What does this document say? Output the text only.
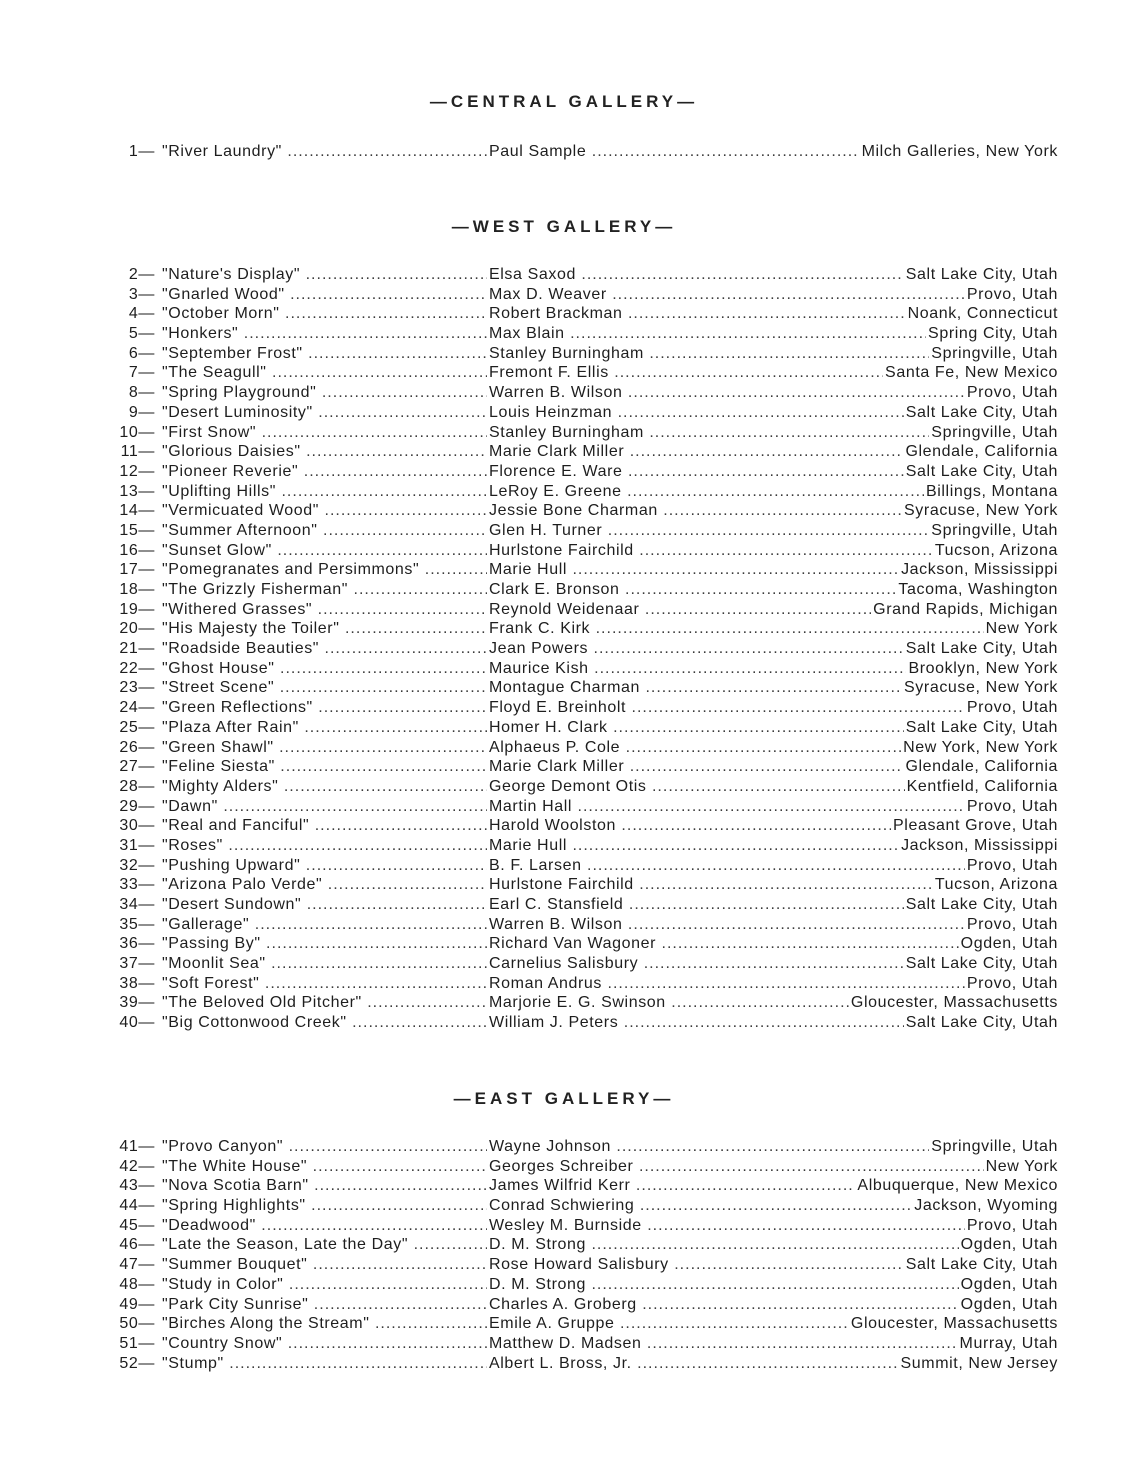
—CENTRAL GALLERY—
1— "River Laundry" .....	Paul Sample .....	Milch Galleries, New York
—WEST GALLERY—
2— "Nature's Display" .....	Elsa Saxod .....	Salt Lake City, Utah
3— "Gnarled Wood" .....	Max D. Weaver .....	Provo, Utah
4— "October Morn" .....	Robert Brackman .....	Noank, Connecticut
5— "Honkers" .....	Max Blain .....	Spring City, Utah
6— "September Frost" .....	Stanley Burningham .....	Springville, Utah
7— "The Seagull" .....	Fremont F. Ellis .....	Santa Fe, New Mexico
8— "Spring Playground" .....	Warren B. Wilson .....	Provo, Utah
9— "Desert Luminosity" .....	Louis Heinzman .....	Salt Lake City, Utah
10— "First Snow" .....	Stanley Burningham .....	Springville, Utah
11— "Glorious Daisies" .....	Marie Clark Miller .....	Glendale, California
12— "Pioneer Reverie" .....	Florence E. Ware .....	Salt Lake City, Utah
13— "Uplifting Hills" .....	LeRoy E. Greene .....	Billings, Montana
14— "Vermicuated Wood" .....	Jessie Bone Charman .....	Syracuse, New York
15— "Summer Afternoon" .....	Glen H. Turner .....	Springville, Utah
16— "Sunset Glow" .....	Hurlstone Fairchild .....	Tucson, Arizona
17— "Pomegranates and Persimmons" .....	Marie Hull .....	Jackson, Mississippi
18— "The Grizzly Fisherman" .....	Clark E. Bronson .....	Tacoma, Washington
19— "Withered Grasses" .....	Reynold Weidenaar .....	Grand Rapids, Michigan
20— "His Majesty the Toiler" .....	Frank C. Kirk .....	New York
21— "Roadside Beauties" .....	Jean Powers .....	Salt Lake City, Utah
22— "Ghost House" .....	Maurice Kish .....	Brooklyn, New York
23— "Street Scene" .....	Montague Charman .....	Syracuse, New York
24— "Green Reflections" .....	Floyd E. Breinholt .....	Provo, Utah
25— "Plaza After Rain" .....	Homer H. Clark .....	Salt Lake City, Utah
26— "Green Shawl" .....	Alphaeus P. Cole .....	New York, New York
27— "Feline Siesta" .....	Marie Clark Miller .....	Glendale, California
28— "Mighty Alders" .....	George Demont Otis .....	Kentfield, California
29— "Dawn" .....	Martin Hall .....	Provo, Utah
30— "Real and Fanciful" .....	Harold Woolston .....	Pleasant Grove, Utah
31— "Roses" .....	Marie Hull .....	Jackson, Mississippi
32— "Pushing Upward" .....	B. F. Larsen .....	Provo, Utah
33— "Arizona Palo Verde" .....	Hurlstone Fairchild .....	Tucson, Arizona
34— "Desert Sundown" .....	Earl C. Stansfield .....	Salt Lake City, Utah
35— "Gallerage" .....	Warren B. Wilson .....	Provo, Utah
36— "Passing By" .....	Richard Van Wagoner .....	Ogden, Utah
37— "Moonlit Sea" .....	Carnelius Salisbury .....	Salt Lake City, Utah
38— "Soft Forest" .....	Roman Andrus .....	Provo, Utah
39— "The Beloved Old Pitcher" .....	Marjorie E. G. Swinson .....	Gloucester, Massachusetts
40— "Big Cottonwood Creek" .....	William J. Peters .....	Salt Lake City, Utah
—EAST GALLERY—
41— "Provo Canyon" .....	Wayne Johnson .....	Springville, Utah
42— "The White House" .....	Georges Schreiber .....	New York
43— "Nova Scotia Barn" .....	James Wilfrid Kerr .....	Albuquerque, New Mexico
44— "Spring Highlights" .....	Conrad Schwiering .....	Jackson, Wyoming
45— "Deadwood" .....	Wesley M. Burnside .....	Provo, Utah
46— "Late the Season, Late the Day" .....	D. M. Strong .....	Ogden, Utah
47— "Summer Bouquet" .....	Rose Howard Salisbury .....	Salt Lake City, Utah
48— "Study in Color" .....	D. M. Strong .....	Ogden, Utah
49— "Park City Sunrise" .....	Charles A. Groberg .....	Ogden, Utah
50— "Birches Along the Stream" .....	Emile A. Gruppe .....	Gloucester, Massachusetts
51— "Country Snow" .....	Matthew D. Madsen .....	Murray, Utah
52— "Stump" .....	Albert L. Bross, Jr. .....	Summit, New Jersey
